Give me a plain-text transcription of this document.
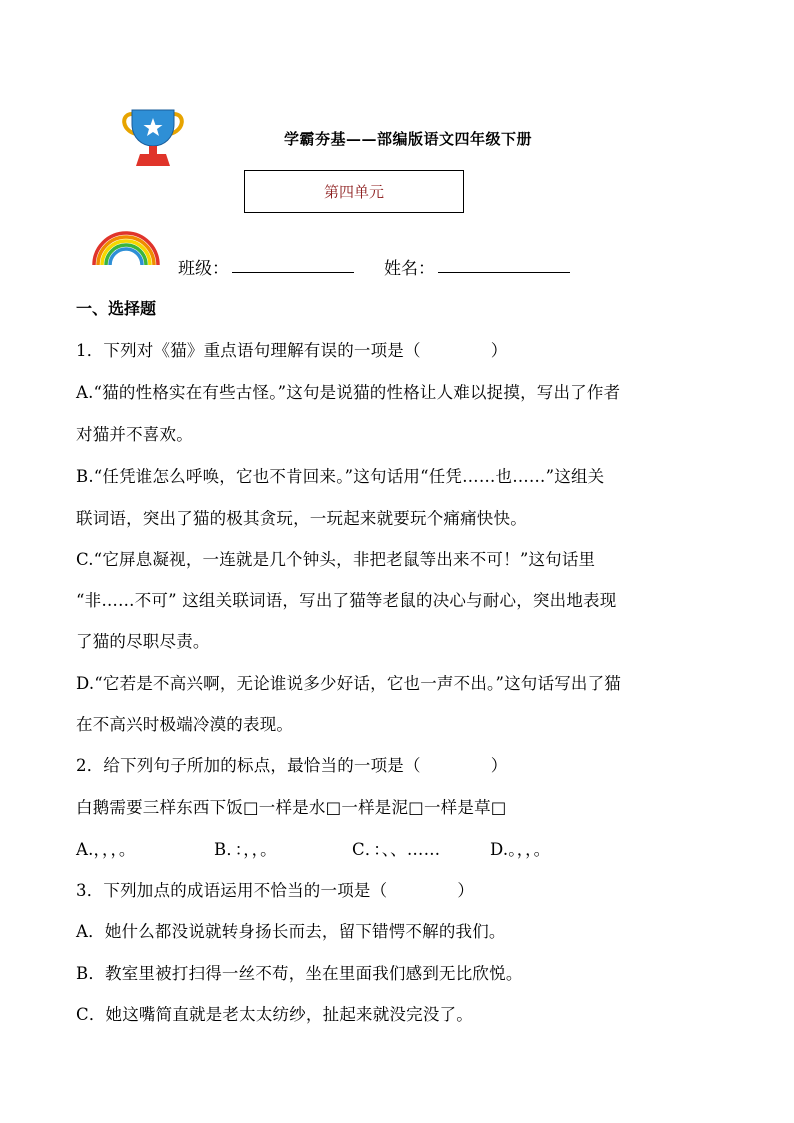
学霸夯基——部编版语文四年级下册
第四单元
班级：	姓名：
一、选择题
1．下列对《猫》重点语句理解有误的一项是（	）
A.“猫的性格实在有些古怪。”这句是说猫的性格让人难以捉摸，写出了作者
对猫并不喜欢。
B.“任凭谁怎么呼唤，它也不肯回来。”这句话用“任凭……也……”这组关
联词语，突出了猫的极其贪玩，一玩起来就要玩个痛痛快快。
C.“它屏息凝视，一连就是几个钟头，非把老鼠等出来不可！”这句话里
“非……不可” 这组关联词语，写出了猫等老鼠的决心与耐心，突出地表现
了猫的尽职尽责。
D.“它若是不高兴啊，无论谁说多少好话，它也一声不出。”这句话写出了猫
在不高兴时极端冷漠的表现。
2．给下列句子所加的标点，最恰当的一项是（	）
白鹅需要三样东西下饭□一样是水□一样是泥□一样是草□
A.，，，。	B．：，，。	C．：、、……	D.。，，。
3．下列加点的成语运用不恰当的一项是（	）
A．她什么都没说就转身扬长而去，留下错愕不解的我们。
B．教室里被打扫得一丝不苟，坐在里面我们感到无比欣悦。
C．她这嘴简直就是老太太纺纱，扯起来就没完没了。
